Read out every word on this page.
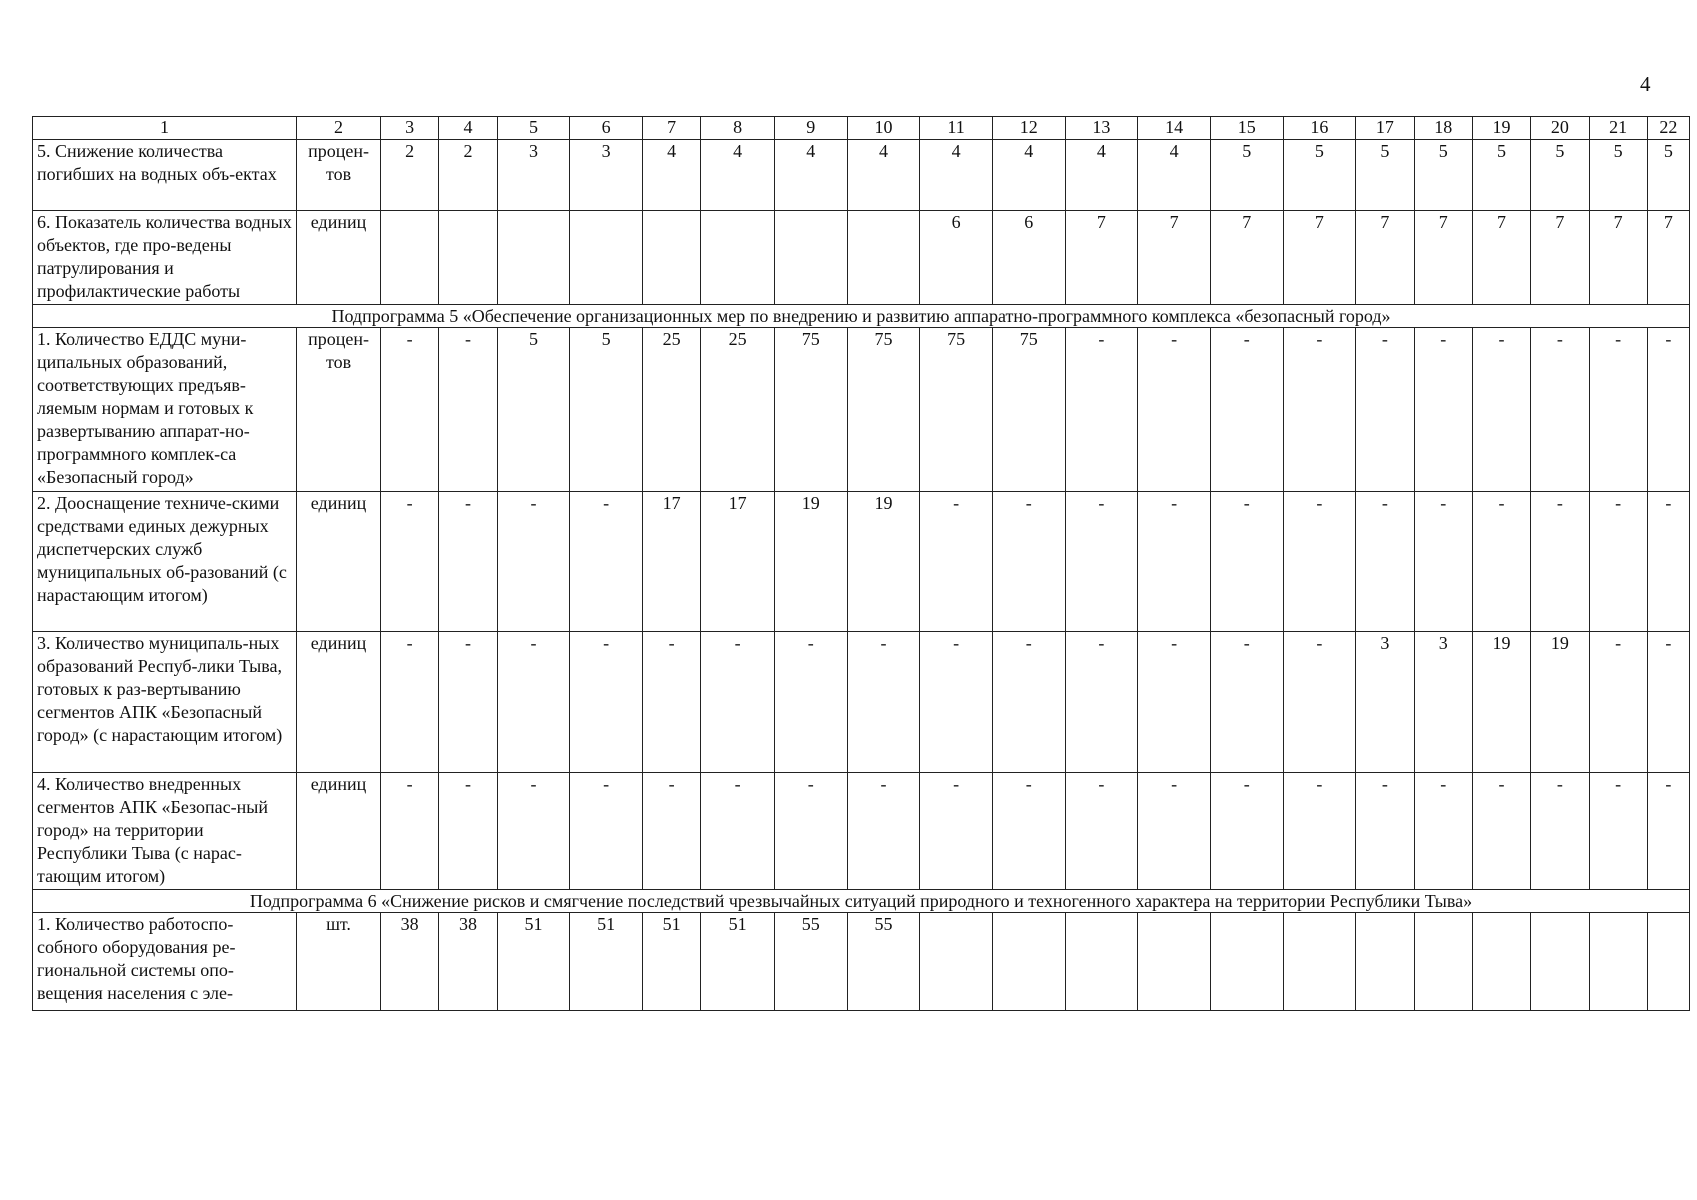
4
1	2	3	4	5	6	7	8	9	10	11	12	13	14	15	16	17	18	19	20	21	22
5. Снижение количества погибших на водных объ-ектах	процен-тов	2	2	3	3	4	4	4	4	4	4	4	4	5	5	5	5	5	5	5	5
6. Показатель количества водных объектов, где про-ведены патрулирования и профилактические работы	единиц									6	6	7	7	7	7	7	7	7	7	7	7
Подпрограмма 5 «Обеспечение организационных мер по внедрению и развитию аппаратно-программного комплекса «безопасный город»																					
1. Количество ЕДДС муни-ципальных образований, соответствующих предъяв-ляемым нормам и готовых к развертыванию аппарат-но-программного комплек-са «Безопасный город»	процен-тов	-	-	5	5	25	25	75	75	75	75	-	-	-	-	-	-	-	-	-	-
2. Дооснащение техниче-скими средствами единых дежурных диспетчерских служб муниципальных об-разований (с нарастающим итогом)	единиц	-	-	-	-	17	17	19	19	-	-	-	-	-	-	-	-	-	-	-	-
3. Количество муниципаль-ных образований Респуб-лики Тыва, готовых к раз-вертыванию сегментов АПК «Безопасный город» (с нарастающим итогом)	единиц	-	-	-	-	-	-	-	-	-	-	-	-	-	-	3	3	19	19	-	-
4. Количество внедренных сегментов АПК «Безопас-ный город» на территории Республики Тыва (с нарас-тающим итогом)	единиц	-	-	-	-	-	-	-	-	-	-	-	-	-	-	-	-	-	-	-	-
Подпрограмма 6 «Снижение рисков и смягчение последствий чрезвычайных ситуаций природного и техногенного характера на территории Республики Тыва»																					
1. Количество работоспо-собного оборудования ре-гиональной системы опо-вещения населения с эле-	шт.	38	38	51	51	51	51	55	55												
